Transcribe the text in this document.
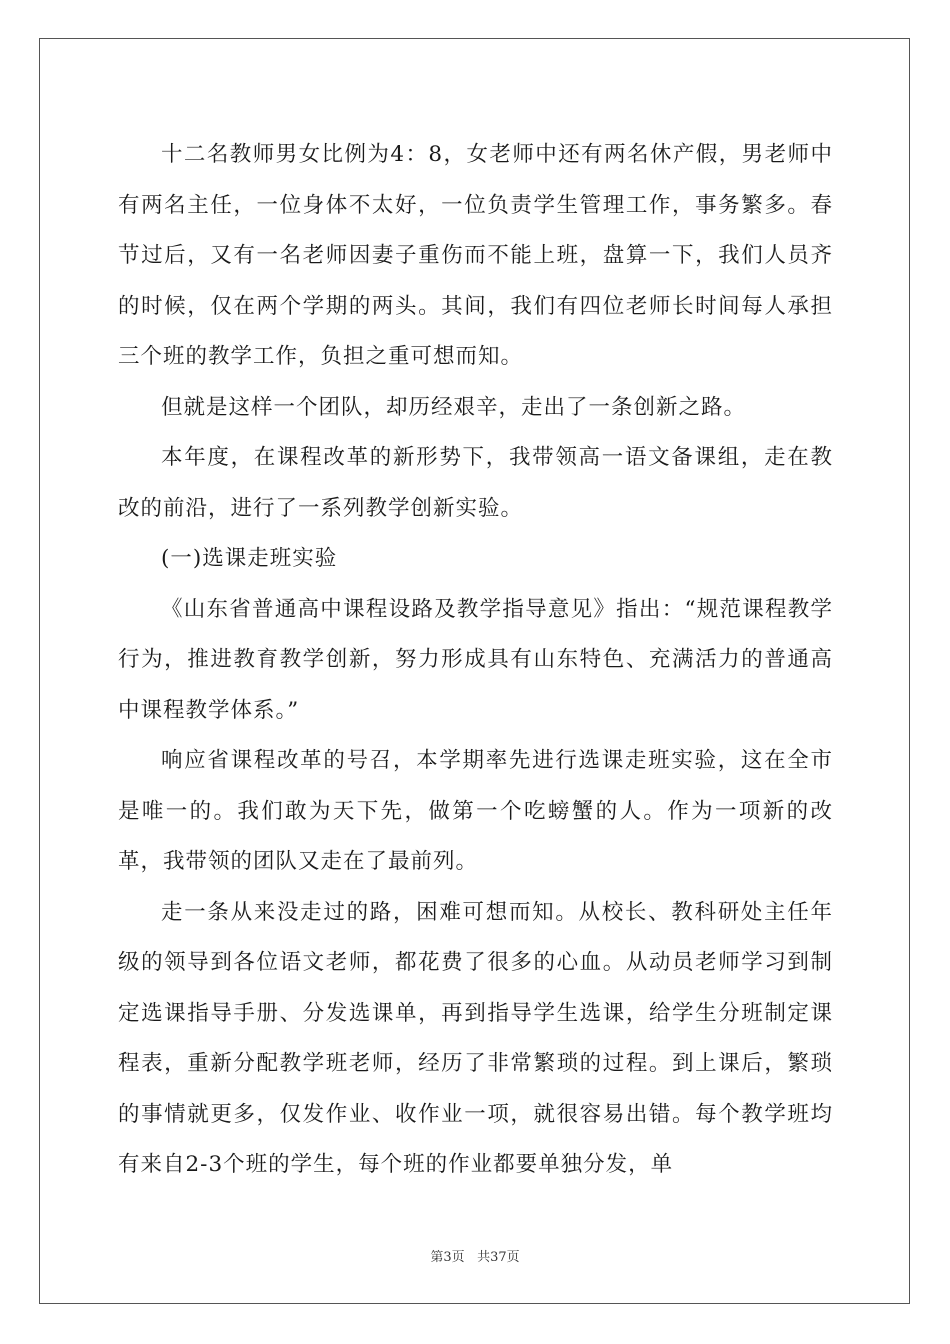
十二名教师男女比例为4：8，女老师中还有两名休产假，男老师中有两名主任，一位身体不太好，一位负责学生管理工作，事务繁多。春节过后，又有一名老师因妻子重伤而不能上班，盘算一下，我们人员齐的时候，仅在两个学期的两头。其间，我们有四位老师长时间每人承担三个班的教学工作，负担之重可想而知。

但就是这样一个团队，却历经艰辛，走出了一条创新之路。

本年度，在课程改革的新形势下，我带领高一语文备课组，走在教改的前沿，进行了一系列教学创新实验。

(一)选课走班实验

《山东省普通高中课程设路及教学指导意见》指出：“规范课程教学行为，推进教育教学创新，努力形成具有山东特色、充满活力的普通高中课程教学体系。”

响应省课程改革的号召，本学期率先进行选课走班实验，这在全市是唯一的。我们敢为天下先，做第一个吃螃蟹的人。作为一项新的改革，我带领的团队又走在了最前列。

走一条从来没走过的路，困难可想而知。从校长、教科研处主任年级的领导到各位语文老师，都花费了很多的心血。从动员老师学习到制定选课指导手册、分发选课单，再到指导学生选课，给学生分班制定课程表，重新分配教学班老师，经历了非常繁琐的过程。到上课后，繁琐的事情就更多，仅发作业、收作业一项，就很容易出错。每个教学班均有来自2-3个班的学生，每个班的作业都要单独分发，单

第3页 共37页
